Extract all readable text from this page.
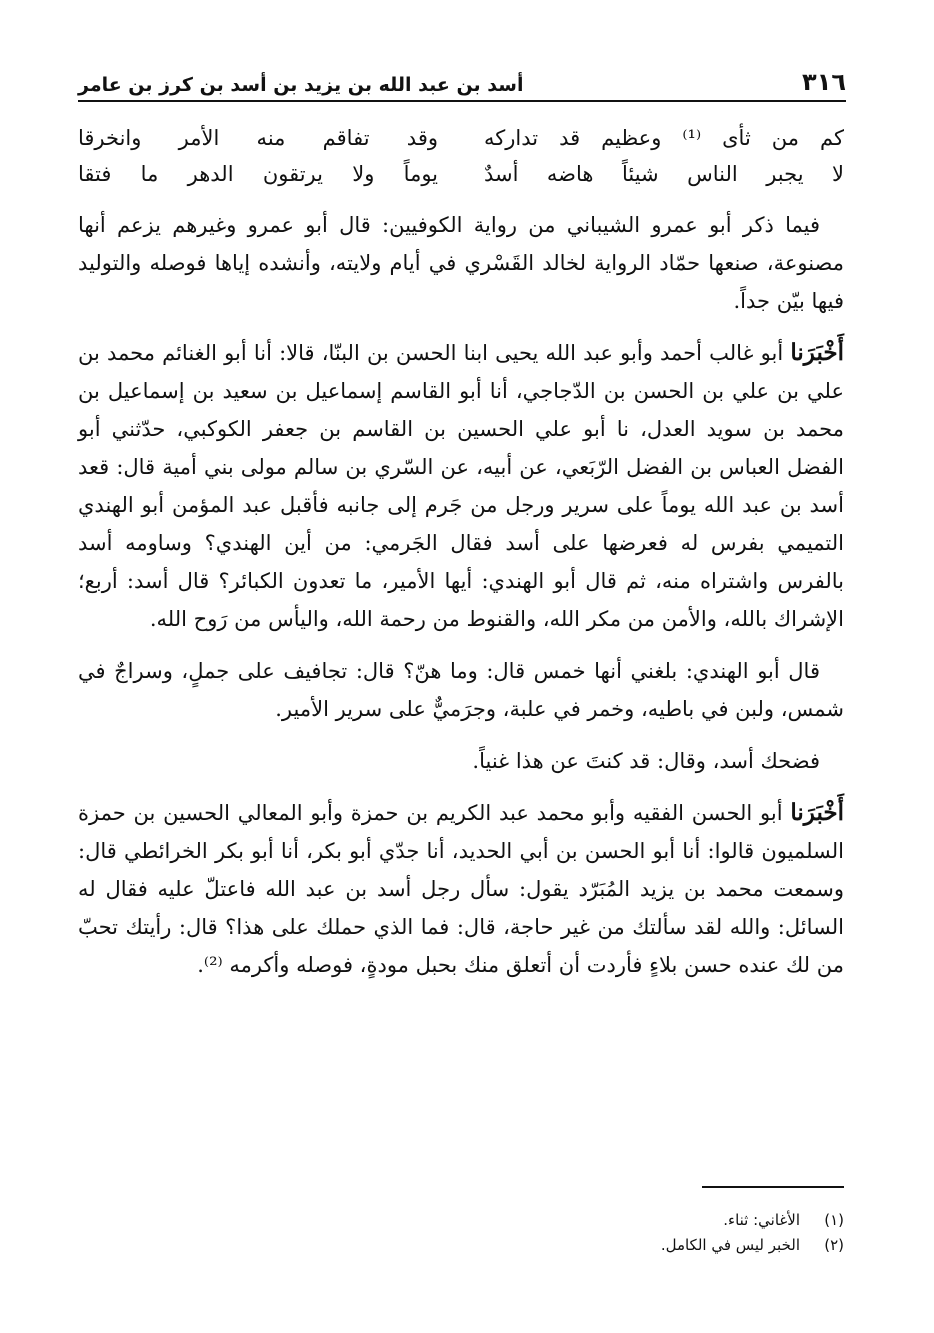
٣١٦
أسد بن عبد الله بن يزيد بن أسد بن كرز بن عامر
كم من ثأى ⁽¹⁾ وعظيم قد تداركه
وقد تفاقم منه الأمر وانخرقا
لا يجبر الناس شيئاً هاضه أسدٌ
يوماً ولا يرتقون الدهر ما فتقا

فيما ذكر أبو عمرو الشيباني من رواية الكوفيين: قال أبو عمرو وغيرهم يزعم أنها مصنوعة، صنعها حمّاد الرواية لخالد القَسْري في أيام ولايته، وأنشده إياها فوصله والتوليد فيها بيّن جداً.

أَخْبَرَنا أبو غالب أحمد وأبو عبد الله يحيى ابنا الحسن بن البنّا، قالا: أنا أبو الغنائم محمد بن علي بن علي بن الحسن بن الدّجاجي، أنا أبو القاسم إسماعيل بن سعيد بن إسماعيل بن محمد بن سويد العدل، نا أبو علي الحسين بن القاسم بن جعفر الكوكبي، حدّثني أبو الفضل العباس بن الفضل الرّبَعي، عن أبيه، عن السّري بن سالم مولى بني أمية قال: قعد أسد بن عبد الله يوماً على سرير ورجل من جَرم إلى جانبه فأقبل عبد المؤمن أبو الهندي التميمي بفرس له فعرضها على أسد فقال الجَرمي: من أين الهندي؟ وساومه أسد بالفرس واشتراه منه، ثم قال أبو الهندي: أيها الأمير، ما تعدون الكبائر؟ قال أسد: أربع؛ الإشراك بالله، والأمن من مكر الله، والقنوط من رحمة الله، واليأس من رَوح الله.

قال أبو الهندي: بلغني أنها خمس قال: وما هنّ؟ قال: تجافيف على جملٍ، وسراجٌ في شمس، ولبن في باطيه، وخمر في علبة، وجرَميٌّ على سرير الأمير.

فضحك أسد، وقال: قد كنتَ عن هذا غنياً.

أَخْبَرَنا أبو الحسن الفقيه وأبو محمد عبد الكريم بن حمزة وأبو المعالي الحسين بن حمزة السلميون قالوا: أنا أبو الحسن بن أبي الحديد، أنا جدّي أبو بكر، أنا أبو بكر الخرائطي قال: وسمعت محمد بن يزيد المُبَرّد يقول: سأل رجل أسد بن عبد الله فاعتلّ عليه فقال له السائل: والله لقد سألتك من غير حاجة، قال: فما الذي حملك على هذا؟ قال: رأيتك تحبّ من لك عنده حسن بلاءٍ فأردت أن أتعلق منك بحبل مودةٍ، فوصله وأكرمه ⁽²⁾.

(١)
الأغاني: ثناء.
(٢)
الخبر ليس في الكامل.
